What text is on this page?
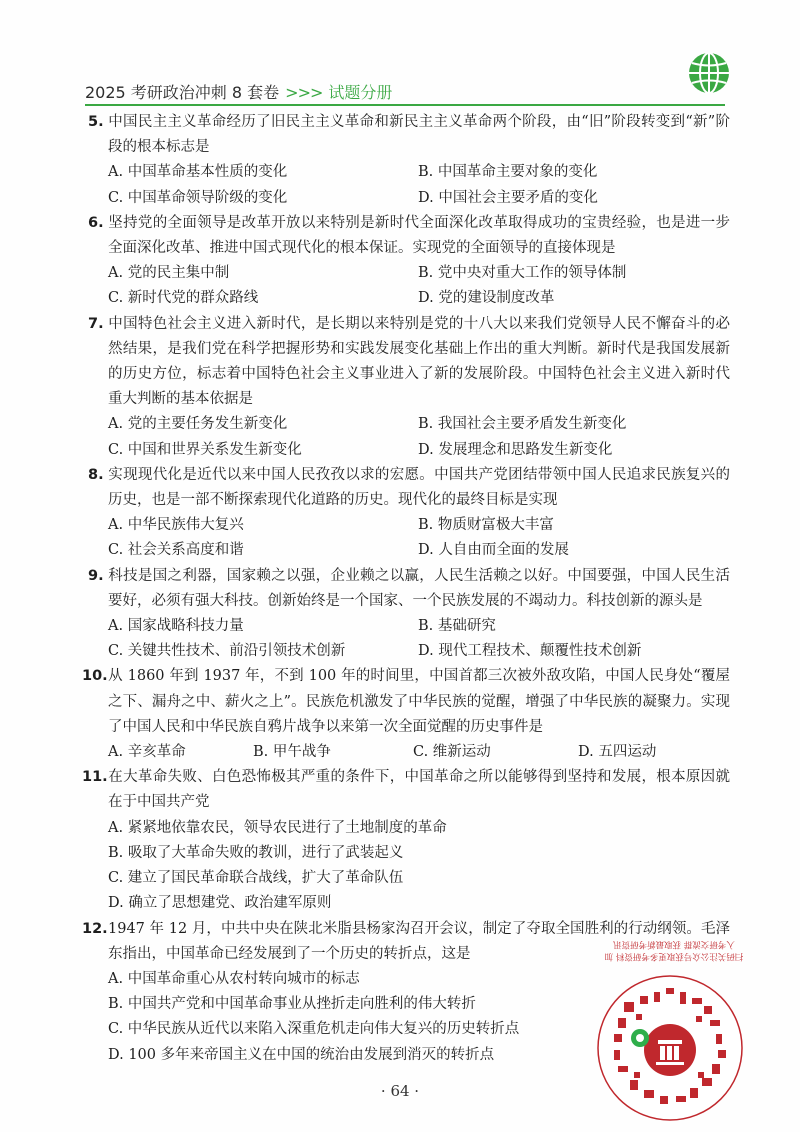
2025 考研政治冲刺 8 套卷 >>> 试题分册
5. 中国民主主义革命经历了旧民主主义革命和新民主主义革命两个阶段，由“旧”阶段转变到“新”阶段的根本标志是
A. 中国革命基本性质的变化	B. 中国革命主要对象的变化
C. 中国革命领导阶级的变化	D. 中国社会主要矛盾的变化
6. 坚持党的全面领导是改革开放以来特别是新时代全面深化改革取得成功的宝贵经验，也是进一步全面深化改革、推进中国式现代化的根本保证。实现党的全面领导的直接体现是
A. 党的民主集中制	B. 党中央对重大工作的领导体制
C. 新时代党的群众路线	D. 党的建设制度改革
7. 中国特色社会主义进入新时代，是长期以来特别是党的十八大以来我们党领导人民不懈奋斗的必然结果，是我们党在科学把握形势和实践发展变化基础上作出的重大判断。新时代是我国发展新的历史方位，标志着中国特色社会主义事业进入了新的发展阶段。中国特色社会主义进入新时代重大判断的基本依据是
A. 党的主要任务发生新变化	B. 我国社会主要矛盾发生新变化
C. 中国和世界关系发生新变化	D. 发展理念和思路发生新变化
8. 实现现代化是近代以来中国人民孜孜以求的宏愿。中国共产党团结带领中国人民追求民族复兴的历史，也是一部不断探索现代化道路的历史。现代化的最终目标是实现
A. 中华民族伟大复兴	B. 物质财富极大丰富
C. 社会关系高度和谐	D. 人自由而全面的发展
9. 科技是国之利器，国家赖之以强，企业赖之以赢，人民生活赖之以好。中国要强，中国人民生活要好，必须有强大科技。创新始终是一个国家、一个民族发展的不竭动力。科技创新的源头是
A. 国家战略科技力量	B. 基础研究
C. 关键共性技术、前沿引领技术创新	D. 现代工程技术、颠覆性技术创新
10.从 1860 年到 1937 年，不到 100 年的时间里，中国首都三次被外敌攻陷，中国人民身处“覆屋之下、漏舟之中、薪火之上”。民族危机激发了中华民族的觉醒，增强了中华民族的凝聚力。实现了中国人民和中华民族自鸦片战争以来第一次全面觉醒的历史事件是
A. 辛亥革命	B. 甲午战争	C. 维新运动	D. 五四运动
11.在大革命失败、白色恐怖极其严重的条件下，中国革命之所以能够得到坚持和发展，根本原因就在于中国共产党
A. 紧紧地依靠农民，领导农民进行了土地制度的革命
B. 吸取了大革命失败的教训，进行了武装起义
C. 建立了国民革命联合战线，扩大了革命队伍
D. 确立了思想建党、政治建军原则
12.1947 年 12 月，中共中央在陕北米脂县杨家沟召开会议，制定了夺取全国胜利的行动纲领。毛泽东指出，中国革命已经发展到了一个历史的转折点，这是
A. 中国革命重心从农村转向城市的标志
B. 中国共产党和中国革命事业从挫折走向胜利的伟大转折
C. 中华民族从近代以来陷入深重危机走向伟大复兴的历史转折点
D. 100 多年来帝国主义在中国的统治由发展到消灭的转折点
扫码关注公众号获取更多考研资料 加入考研交流群 获取最新考研资讯
· 64 ·
